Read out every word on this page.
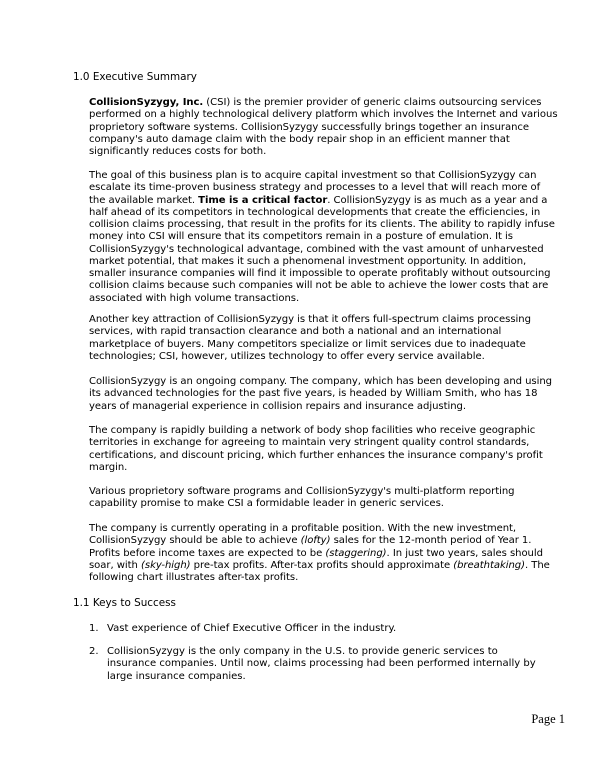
1.0 Executive Summary

CollisionSyzygy, Inc. (CSI) is the premier provider of generic claims outsourcing services performed on a highly technological delivery platform which involves the Internet and various proprietory software systems. CollisionSyzygy successfully brings together an insurance company's auto damage claim with the body repair shop in an efficient manner that significantly reduces costs for both.

The goal of this business plan is to acquire capital investment so that CollisionSyzygy can escalate its time-proven business strategy and processes to a level that will reach more of the available market. Time is a critical factor. CollisionSyzygy is as much as a year and a half ahead of its competitors in technological developments that create the efficiencies, in collision claims processing, that result in the profits for its clients. The ability to rapidly infuse money into CSI will ensure that its competitors remain in a posture of emulation. It is CollisionSyzygy's technological advantage, combined with the vast amount of unharvested market potential, that makes it such a phenomenal investment opportunity. In addition, smaller insurance companies will find it impossible to operate profitably without outsourcing collision claims because such companies will not be able to achieve the lower costs that are associated with high volume transactions.

Another key attraction of CollisionSyzygy is that it offers full-spectrum claims processing services, with rapid transaction clearance and both a national and an international marketplace of buyers. Many competitors specialize or limit services due to inadequate technologies; CSI, however, utilizes technology to offer every service available.

CollisionSyzygy is an ongoing company. The company, which has been developing and using its advanced technologies for the past five years, is headed by William Smith, who has 18 years of managerial experience in collision repairs and insurance adjusting.

The company is rapidly building a network of body shop facilities who receive geographic territories in exchange for agreeing to maintain very stringent quality control standards, certifications, and discount pricing, which further enhances the insurance company's profit margin.

Various proprietory software programs and CollisionSyzygy's multi-platform reporting capability promise to make CSI a formidable leader in generic services.

The company is currently operating in a profitable position. With the new investment, CollisionSyzygy should be able to achieve (lofty) sales for the 12-month period of Year 1. Profits before income taxes are expected to be (staggering). In just two years, sales should soar, with (sky-high) pre-tax profits. After-tax profits should approximate (breathtaking). The following chart illustrates after-tax profits.

1.1 Keys to Success
1. Vast experience of Chief Executive Officer in the industry.
2. CollisionSyzygy is the only company in the U.S. to provide generic services to insurance companies. Until now, claims processing had been performed internally by large insurance companies.
Page 1
